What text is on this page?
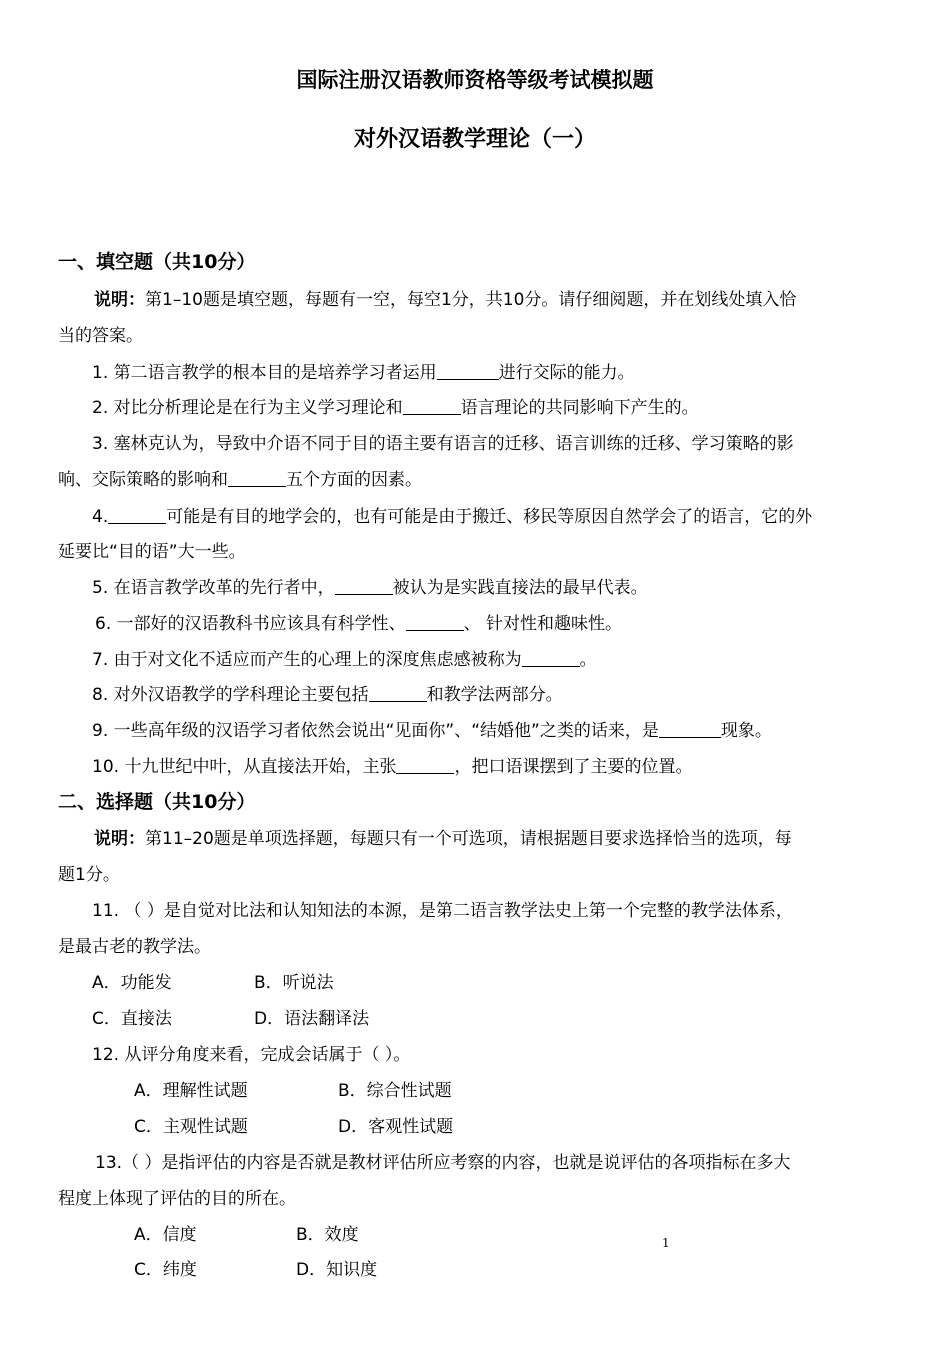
国际注册汉语教师资格等级考试模拟题
对外汉语教学理论（一）
一、填空题（共10分）
说明：第1–10题是填空题，每题有一空，每空1分，共10分。请仔细阅题，并在划线处填入恰
当的答案。
1. 第二语言教学的根本目的是培养学习者运用	进行交际的能力。
2. 对比分析理论是在行为主义学习理论和	语言理论的共同影响下产生的。
3. 塞林克认为，导致中介语不同于目的语主要有语言的迁移、语言训练的迁移、学习策略的影
响、交际策略的影响和	五个方面的因素。
4.	可能是有目的地学会的，也有可能是由于搬迁、移民等原因自然学会了的语言，它的外
延要比“目的语”大一些。
5. 在语言教学改革的先行者中，	被认为是实践直接法的最早代表。
6. 一部好的汉语教科书应该具有科学性、	、 针对性和趣味性。
7. 由于对文化不适应而产生的心理上的深度焦虑感被称为	。
8. 对外汉语教学的学科理论主要包括	和教学法两部分。
9. 一些高年级的汉语学习者依然会说出“见面你”、“结婚他”之类的话来，是	现象。
10. 十九世纪中叶，从直接法开始，主张	，把口语课摆到了主要的位置。
二、选择题（共10分）
说明：第11–20题是单项选择题，每题只有一个可选项，请根据题目要求选择恰当的选项，每
题1分。
11. （ ）是自觉对比法和认知知法的本源，是第二语言教学法史上第一个完整的教学法体系，
是最古老的教学法。
A．功能发	B．听说法
C．直接法	D．语法翻译法
12. 从评分角度来看，完成会话属于（ ）。
A．理解性试题	B．综合性试题
C．主观性试题	D．客观性试题
13.（ ）是指评估的内容是否就是教材评估所应考察的内容，也就是说评估的各项指标在多大
程度上体现了评估的目的所在。
A．信度	B．效度
C．纬度	D．知识度
1
